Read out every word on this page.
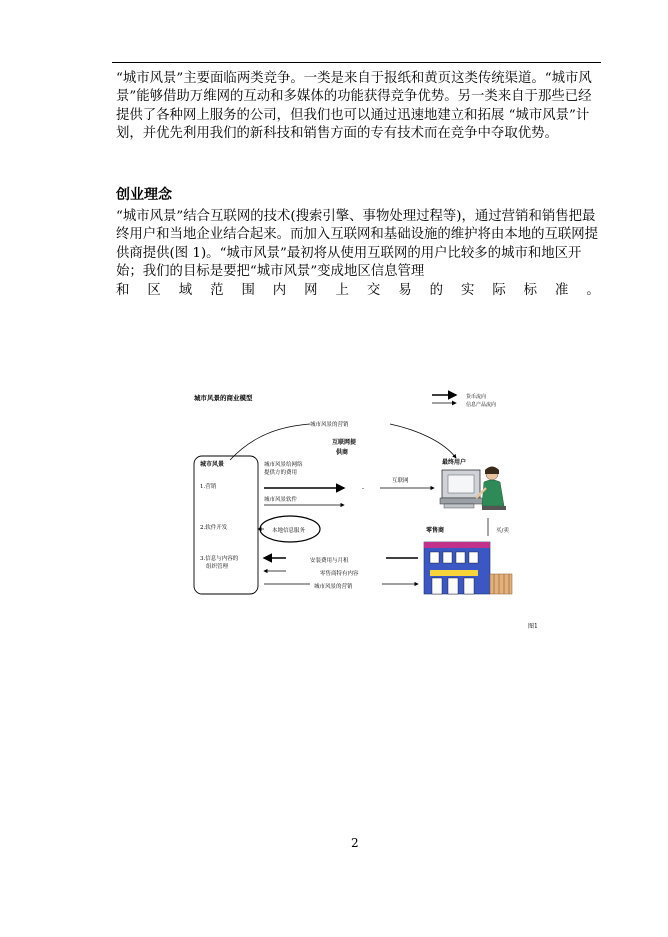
“城市风景”主要面临两类竞争。一类是来自于报纸和黄页这类传统渠道。“城市风景”能够借助万维网的互动和多媒体的功能获得竞争优势。另一类来自于那些已经提供了各种网上服务的公司，但我们也可以通过迅速地建立和拓展 “城市风景”计划，并优先利用我们的新科技和销售方面的专有技术而在竞争中夺取优势。

创业理念
“城市风景”结合互联网的技术(搜索引擎、事物处理过程等)，通过营销和销售把最终用户和当地企业结合起来。而加入互联网和基础设施的维护将由本地的互联网提供商提供(图 1)。“城市风景”最初将从使用互联网的用户比较多的城市和地区开始；我们的目标是要把“城市风景”变成地区信息管理
和 区 域 范 围 内 网 上 交 易 的 实 际 标 准 。
城市风景的商业模型	货币流向
信息产品流向
城市风景的营销
互联网提
供商
城市风景
1.营销
2.软件开发
3.信息与内容的
组织管理
城市风景给网络
提供方的费用
城市风景软件
-
互联网
最终用户
本地信息服务	零售商	买/卖
安装费用与月租
零售商特有内容
城市风景的营销
图1
2
